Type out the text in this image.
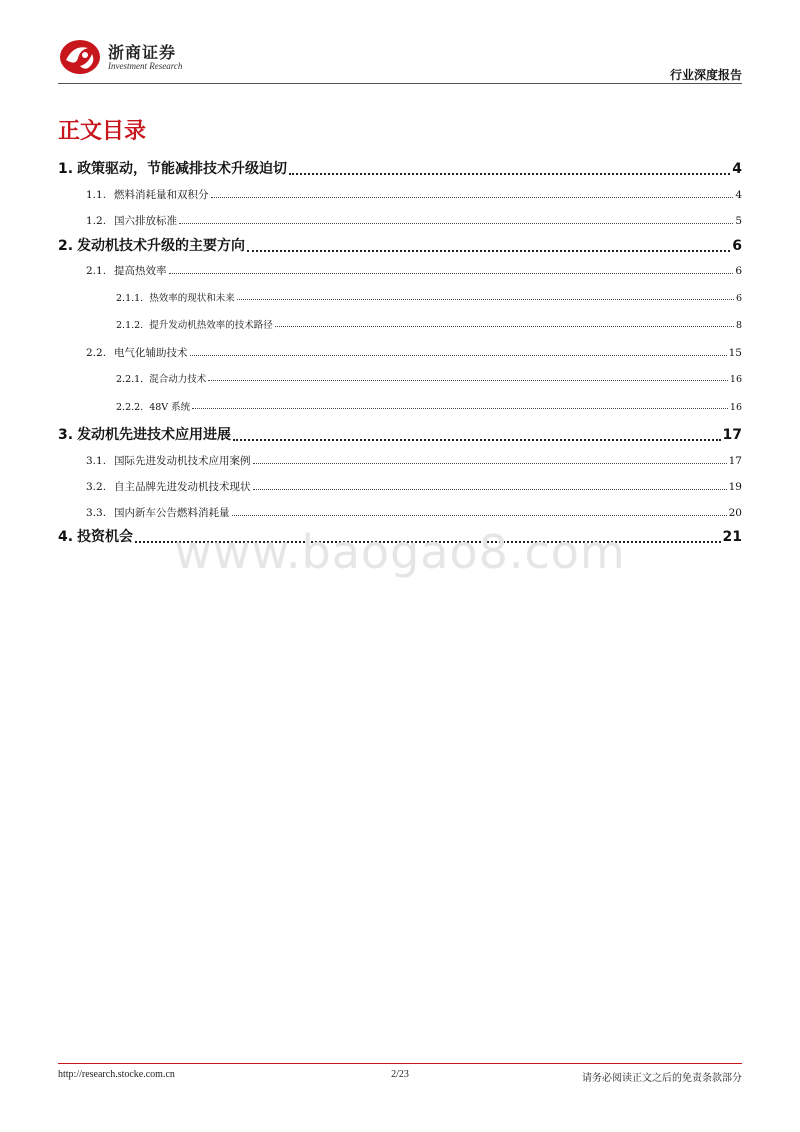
浙商证券
Investment Research
行业深度报告
正文目录
1. 政策驱动，节能减排技术升级迫切	4
1.1. 燃料消耗量和双积分	4
1.2. 国六排放标准	5
2. 发动机技术升级的主要方向	6
2.1. 提高热效率	6
2.1.1. 热效率的现状和未来	6
2.1.2. 提升发动机热效率的技术路径	8
2.2. 电气化辅助技术	15
2.2.1. 混合动力技术	16
2.2.2. 48V 系统	16
3. 发动机先进技术应用进展	17
3.1. 国际先进发动机技术应用案例	17
3.2. 自主品牌先进发动机技术现状	19
3.3. 国内新车公告燃料消耗量	20
4. 投资机会	21
www.baogao8.com
http://research.stocke.com.cn	2/23	请务必阅读正文之后的免责条款部分
